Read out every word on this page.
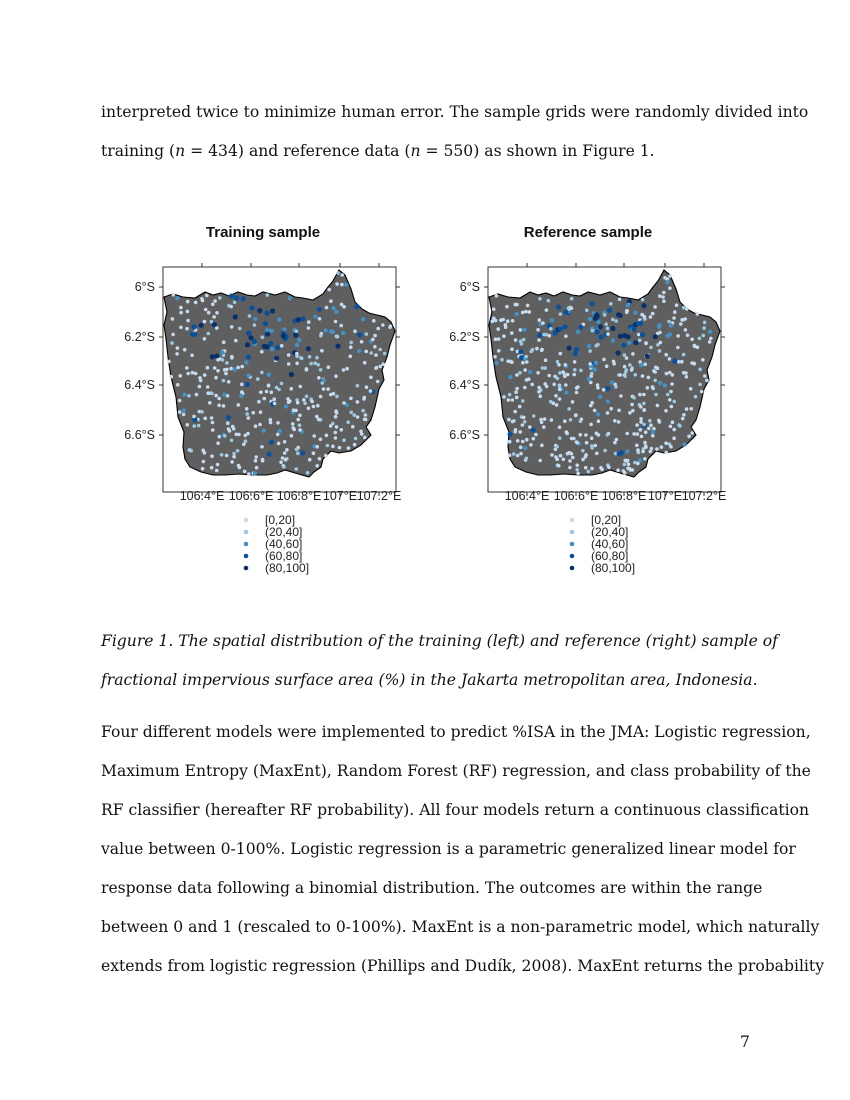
interpreted twice to minimize human error. The sample grids were randomly divided into
training (n = 434) and reference data (n = 550) as shown in Figure 1.
Training sample
6°S
6.2°S
6.4°S
6.6°S
106.4°E 106.6°E 106.8°E 107°E 107.2°E
[0,20]
(20,40]
(40,60]
(60,80]
(80,100]
Reference sample
6°S
6.2°S
6.4°S
6.6°S
106.4°E 106.6°E 106.8°E 107°E 107.2°E
[0,20]
(20,40]
(40,60]
(60,80]
(80,100]
Figure 1. The spatial distribution of the training (left) and reference (right) sample of
fractional impervious surface area (%) in the Jakarta metropolitan area, Indonesia.
Four different models were implemented to predict %ISA in the JMA: Logistic regression,
Maximum Entropy (MaxEnt), Random Forest (RF) regression, and class probability of the
RF classifier (hereafter RF probability). All four models return a continuous classification
value between 0-100%. Logistic regression is a parametric generalized linear model for
response data following a binomial distribution. The outcomes are within the range
between 0 and 1 (rescaled to 0-100%). MaxEnt is a non-parametric model, which naturally
extends from logistic regression (Phillips and Dudík, 2008). MaxEnt returns the probability
7
